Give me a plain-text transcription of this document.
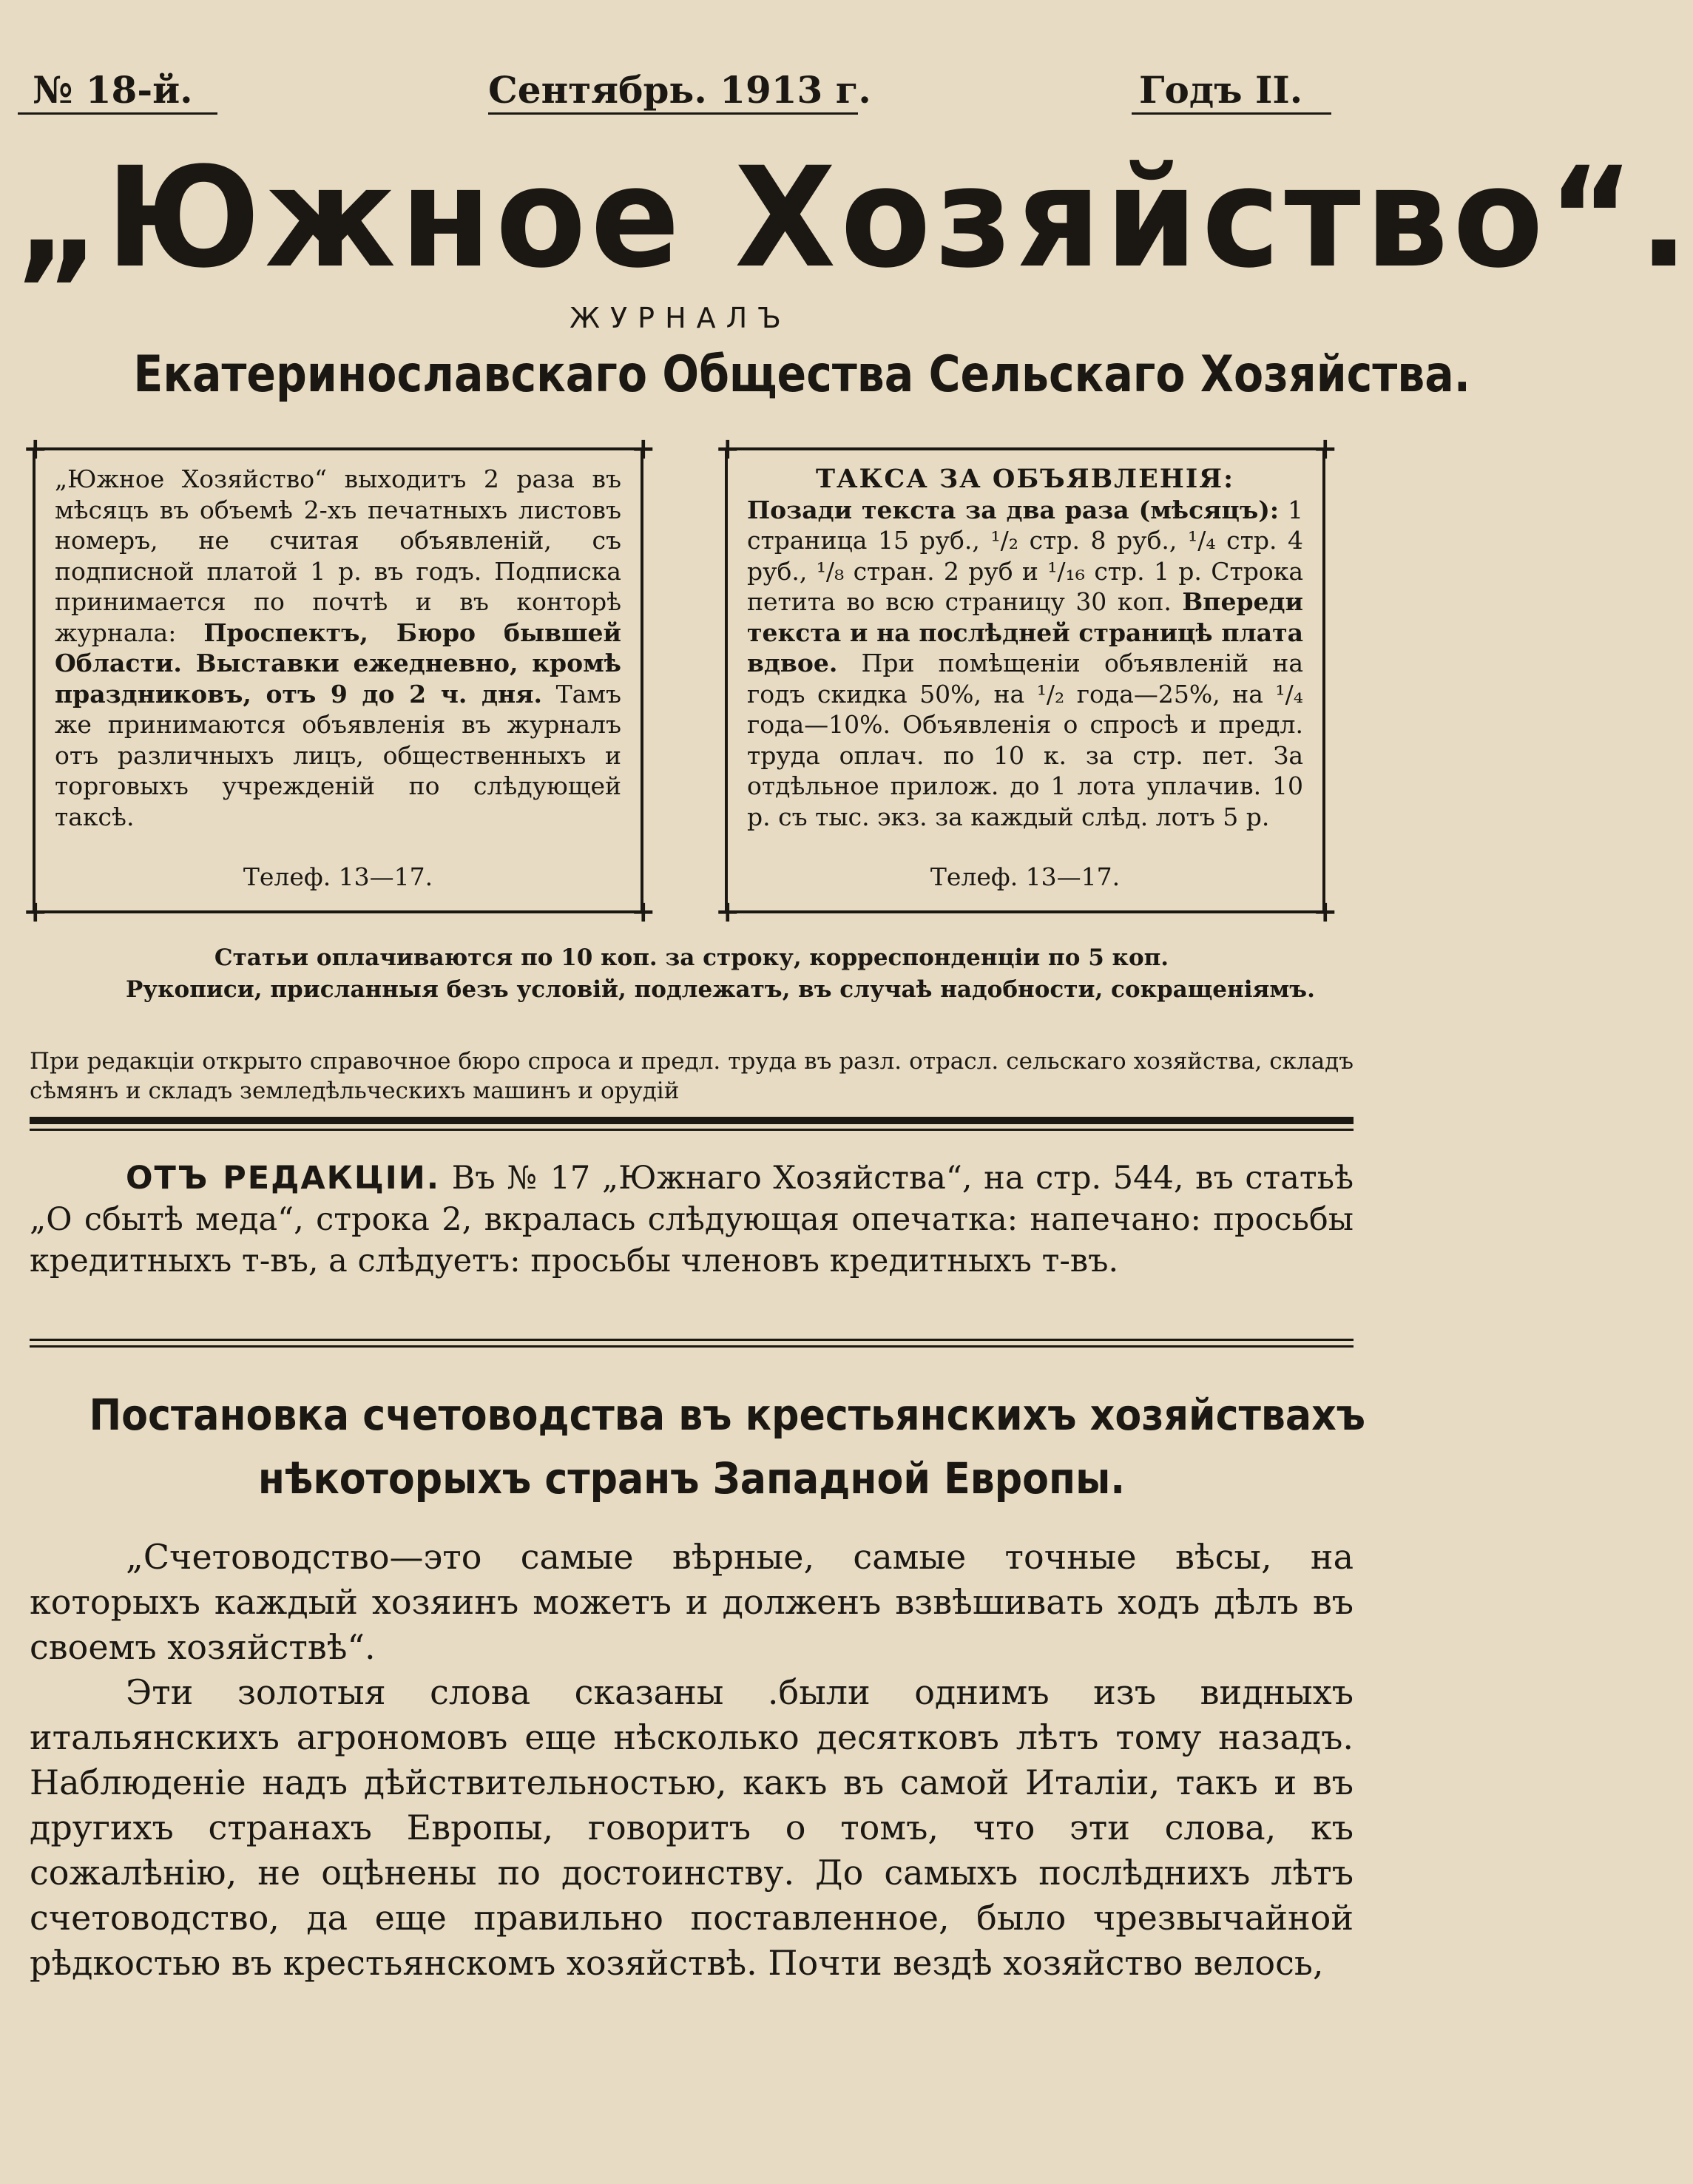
№ 18-й.	Сентябрь. 1913 г.	Годъ II.
„Южное Хозяйство“.
ЖУРНАЛЪ
Екатеринославскаго Общества Сельскаго Хозяйства.
+	+
+	+

„Южное Хозяйство“ выходитъ 2 раза въ мѣсяцъ въ объемѣ 2-хъ печатныхъ листовъ номеръ, не считая объявленій, съ подписной платой 1 р. въ годъ. Подписка принимается по почтѣ и въ конторѣ журнала: Проспектъ, Бюро бывшей Области. Выставки ежедневно, кромѣ праздниковъ, отъ 9 до 2 ч. дня. Тамъ же принимаются объявленія въ журналъ отъ различныхъ лицъ, общественныхъ и торговыхъ учрежденій по слѣдующей таксѣ.

Телеф. 13—17.
+	+
+	+
ТАКСА ЗА ОБЪЯВЛЕНІЯ:

Позади текста за два раза (мѣсяцъ): 1 страница 15 руб., ¹/₂ стр. 8 руб., ¹/₄ стр. 4 руб., ¹/₈ стран. 2 руб и ¹/₁₆ стр. 1 р. Строка петита во всю страницу 30 коп. Впереди текста и на послѣдней страницѣ плата вдвое. При помѣщеніи объявленій на годъ скидка 50%, на ¹/₂ года—25%, на ¹/₄ года—10%. Объявленія о спросѣ и предл. труда оплач. по 10 к. за стр. пет. За отдѣльное прилож. до 1 лота уплачив. 10 р. съ тыс. экз. за каждый слѣд. лотъ 5 р.

Телеф. 13—17.
Статьи оплачиваются по 10 коп. за строку, корреспонденціи по 5 коп.
Рукописи, присланныя безъ условій, подлежатъ, въ случаѣ надобности, сокращеніямъ.
При редакціи открыто справочное бюро спроса и предл. труда въ разл. отрасл. сельскаго хозяйства, складъ сѣмянъ и складъ земледѣльческихъ машинъ и орудій
ОТЪ РЕДАКЦІИ. Въ № 17 „Южнаго Хозяйства“, на стр. 544, въ статьѣ „О сбытѣ меда“, строка 2, вкралась слѣдующая опечатка: напечано: просьбы кредитныхъ т-въ, а слѣдуетъ: просьбы членовъ кредитныхъ т-въ.
Постановка счетоводства въ крестьянскихъ хозяйствахъ
нѣкоторыхъ странъ Западной Европы.

„Счетоводство—это самые вѣрные, самые точные вѣсы, на которыхъ каждый хозяинъ можетъ и долженъ взвѣшивать ходъ дѣлъ въ своемъ хозяйствѣ“.

Эти золотыя слова сказаны .были однимъ изъ видныхъ итальянскихъ агрономовъ еще нѣсколько десятковъ лѣтъ тому назадъ. Наблюденіе надъ дѣйствительностью, какъ въ самой Италіи, такъ и въ другихъ странахъ Европы, говоритъ о томъ, что эти слова, къ сожалѣнію, не оцѣнены по достоинству. До самыхъ послѣднихъ лѣтъ счетоводство, да еще правильно поставленное, было чрезвычайной рѣдкостью въ крестьянскомъ хозяйствѣ. Почти вездѣ хозяйство велось,
